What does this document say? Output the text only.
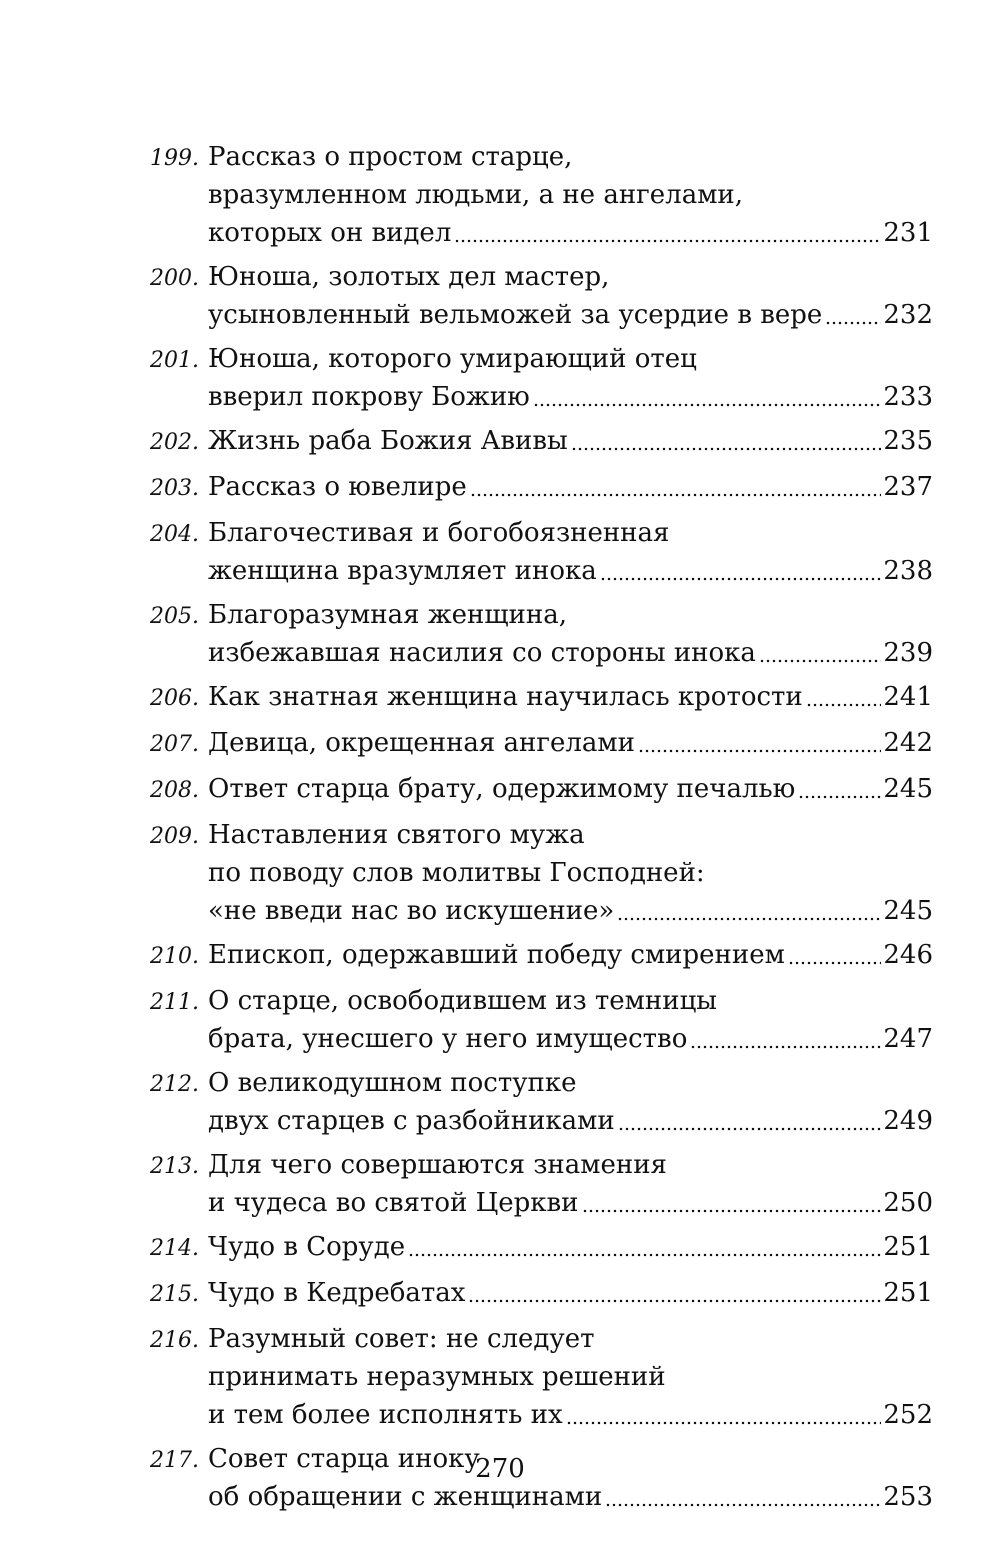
199. Рассказ о простом старце,
вразумленном людьми, а не ангелами,
которых он видел	231
200. Юноша, золотых дел мастер,
усыновленный вельможей за усердие в вере 232
201. Юноша, которого умирающий отец
вверил покрову Божию	233
202. Жизнь раба Божия Авивы	235
203. Рассказ о ювелире	237
204. Благочестивая и богобоязненная
женщина вразумляет инока	238
205. Благоразумная женщина,
избежавшая насилия со стороны инока	239
206. Как знатная женщина научилась кротости	241
207. Девица, окрещенная ангелами	242
208. Ответ старца брату, одержимому печалью	245
209. Наставления святого мужа
по поводу слов молитвы Господней:
«не введи нас во искушение»	245
210. Епископ, одержавший победу смирением	246
211. О старце, освободившем из темницы
брата, унесшего у него имущество	247
212. О великодушном поступке
двух старцев с разбойниками	249
213. Для чего совершаются знамения
и чудеса во святой Церкви	250
214. Чудо в Соруде	251
215. Чудо в Кедребатах	251
216. Разумный совет: не следует
принимать неразумных решений
и тем более исполнять их	252
217. Совет старца иноку
об обращении с женщинами	253
270
